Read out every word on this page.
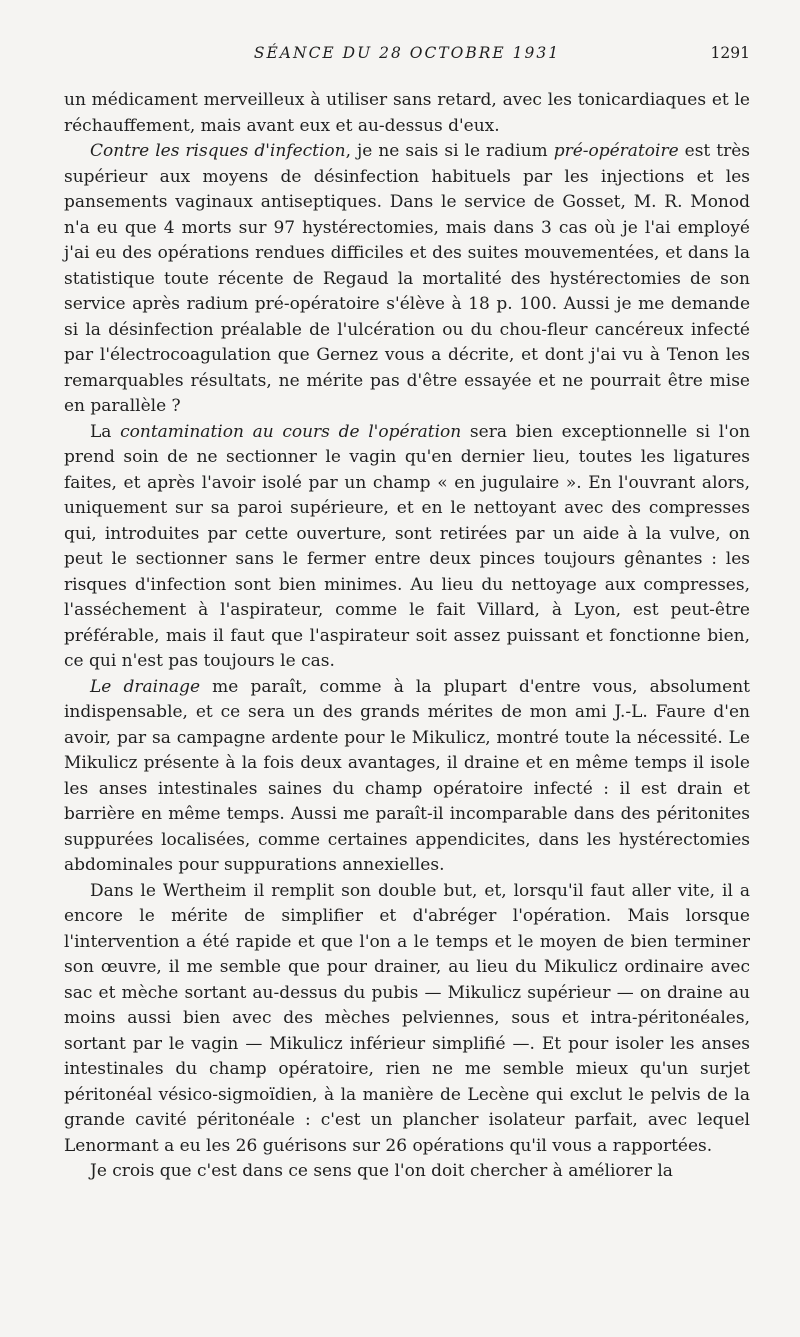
SÉANCE DU 28 OCTOBRE 1931	1291

un médicament merveilleux à utiliser sans retard, avec les tonicardiaques et le réchauffement, mais avant eux et au-dessus d'eux.

Contre les risques d'infection, je ne sais si le radium pré-opératoire est très supérieur aux moyens de désinfection habituels par les injections et les pansements vaginaux antiseptiques. Dans le service de Gosset, M. R. Monod n'a eu que 4 morts sur 97 hystérectomies, mais dans 3 cas où je l'ai employé j'ai eu des opérations rendues difficiles et des suites mouvementées, et dans la statistique toute récente de Regaud la mortalité des hystérectomies de son service après radium pré-opératoire s'élève à 18 p. 100. Aussi je me demande si la désinfection préalable de l'ulcération ou du chou-fleur cancéreux infecté par l'électrocoagulation que Gernez vous a décrite, et dont j'ai vu à Tenon les remarquables résultats, ne mérite pas d'être essayée et ne pourrait être mise en parallèle ?

La contamination au cours de l'opération sera bien exceptionnelle si l'on prend soin de ne sectionner le vagin qu'en dernier lieu, toutes les ligatures faites, et après l'avoir isolé par un champ « en jugulaire ». En l'ouvrant alors, uniquement sur sa paroi supérieure, et en le nettoyant avec des compresses qui, introduites par cette ouverture, sont retirées par un aide à la vulve, on peut le sectionner sans le fermer entre deux pinces toujours gênantes : les risques d'infection sont bien minimes. Au lieu du nettoyage aux compresses, l'asséchement à l'aspirateur, comme le fait Villard, à Lyon, est peut-être préférable, mais il faut que l'aspirateur soit assez puissant et fonctionne bien, ce qui n'est pas toujours le cas.

Le drainage me paraît, comme à la plupart d'entre vous, absolument indispensable, et ce sera un des grands mérites de mon ami J.-L. Faure d'en avoir, par sa campagne ardente pour le Mikulicz, montré toute la nécessité. Le Mikulicz présente à la fois deux avantages, il draine et en même temps il isole les anses intestinales saines du champ opératoire infecté : il est drain et barrière en même temps. Aussi me paraît-il incomparable dans des péritonites suppurées localisées, comme certaines appendicites, dans les hystérectomies abdominales pour suppurations annexielles.

Dans le Wertheim il remplit son double but, et, lorsqu'il faut aller vite, il a encore le mérite de simplifier et d'abréger l'opération. Mais lorsque l'intervention a été rapide et que l'on a le temps et le moyen de bien terminer son œuvre, il me semble que pour drainer, au lieu du Mikulicz ordinaire avec sac et mèche sortant au-dessus du pubis — Mikulicz supérieur — on draine au moins aussi bien avec des mèches pelviennes, sous et intra-péritonéales, sortant par le vagin — Mikulicz inférieur simplifié —. Et pour isoler les anses intestinales du champ opératoire, rien ne me semble mieux qu'un surjet péritonéal vésico-sigmoïdien, à la manière de Lecène qui exclut le pelvis de la grande cavité péritonéale : c'est un plancher isolateur parfait, avec lequel Lenormant a eu les 26 guérisons sur 26 opérations qu'il vous a rapportées.

Je crois que c'est dans ce sens que l'on doit chercher à améliorer la
